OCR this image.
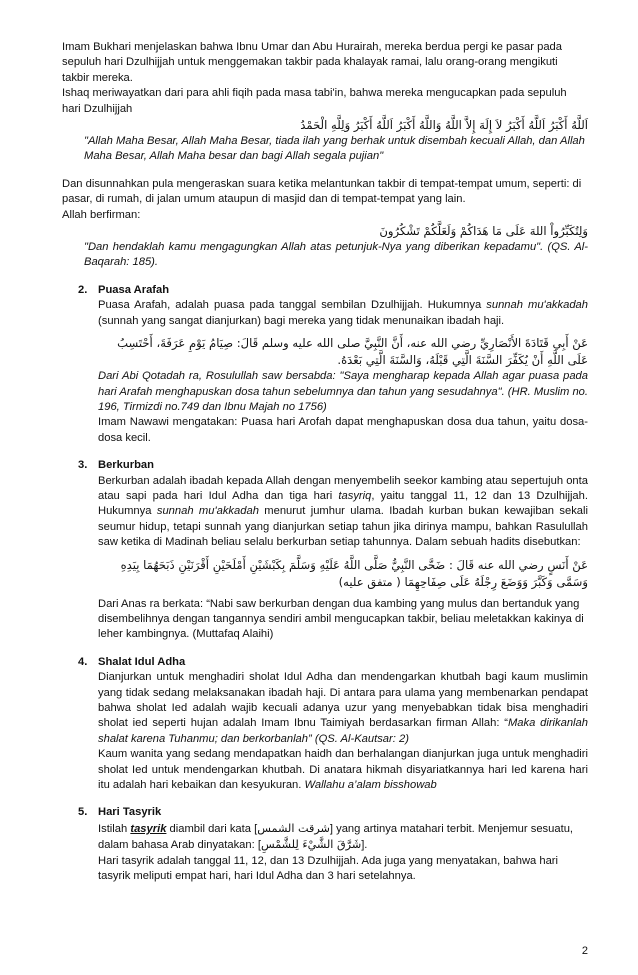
Imam Bukhari menjelaskan bahwa Ibnu Umar dan Abu Hurairah, mereka berdua pergi ke pasar pada sepuluh hari Dzulhijjah untuk menggemakan takbir pada khalayak ramai, lalu orang-orang mengikuti takbir mereka.

Ishaq meriwayatkan dari para ahli fiqih pada masa tabi'in, bahwa mereka mengucapkan pada sepuluh hari Dzulhijjah

اَللَّهُ أَكْبَرُ اَللَّهُ أَكْبَرُ لاَ إِلَهَ إِلاَّ اللَّهُ وَاللَّهُ أَكْبَرُ اَللَّهُ أَكْبَرُ وَلِلَّهِ الْحَمْدُ

"Allah Maha Besar, Allah Maha Besar, tiada ilah yang berhak untuk disembah kecuali Allah, dan Allah Maha Besar, Allah Maha besar dan bagi Allah segala pujian"

Dan disunnahkan pula mengeraskan suara ketika melantunkan takbir di tempat-tempat umum, seperti: di pasar, di rumah, di jalan umum ataupun di masjid dan di tempat-tempat yang lain.

Allah berfirman:

وَلِتُكَبِّرُواْ اللهَ عَلَى مَا هَدَاكُمْ وَلَعَلَّكُمْ تَشْكُرُونَ

"Dan hendaklah kamu mengagungkan Allah atas petunjuk-Nya yang diberikan kepadamu". (QS. Al-Baqarah: 185).

2. Puasa Arafah

Puasa Arafah, adalah puasa pada tanggal sembilan Dzulhijjah. Hukumnya sunnah mu'akkadah (sunnah yang sangat dianjurkan) bagi mereka yang tidak menunaikan ibadah haji.

عَنْ أَبِي قَتَادَةَ الأَنْصَارِيِّ رضي الله عنه، أَنَّ النَّبِيَّ صلى الله عليه وسلم قَالَ: صِيَامُ يَوْمِ عَرَفَةَ، أَحْتَسِبُ عَلَى اللَّهِ أَنْ يُكَفِّرَ السَّنَةَ الَّتِي قَبْلَهُ، وَالسَّنَةَ الَّتِي بَعْدَهُ.

Dari Abi Qotadah ra, Rosulullah saw bersabda: "Saya mengharap kepada Allah agar puasa pada hari Arafah menghapuskan dosa tahun sebelumnya dan tahun yang sesudahnya". (HR. Muslim no. 196, Tirmizdi no.749 dan Ibnu Majah no 1756)

Imam Nawawi mengatakan: Puasa hari Arofah dapat menghapuskan dosa dua tahun, yaitu dosa-dosa kecil.

3. Berkurban

Berkurban adalah ibadah kepada Allah dengan menyembelih seekor kambing atau sepertujuh onta atau sapi pada hari Idul Adha dan tiga hari tasyriq, yaitu tanggal 11, 12 dan 13 Dzulhijjah. Hukumnya sunnah mu'akkadah menurut jumhur ulama. Ibadah kurban bukan kewajiban sekali seumur hidup, tetapi sunnah yang dianjurkan setiap tahun jika dirinya mampu, bahkan Rasulullah saw ketika di Madinah beliau selalu berkurban setiap tahunnya. Dalam sebuah hadits disebutkan:

عَنْ أَنَسٍ رضي الله عنه قَالَ : ضَحَّى النَّبِيُّ صَلَّى اللَّهُ عَلَيْهِ وَسَلَّمَ بِكَبْشَيْنِ أَمْلَحَيْنِ أَقْرَنَيْنِ ذَبَحَهُمَا بِيَدِهِ وَسَمَّى وَكَبَّرَ وَوَضَعَ رِجْلَهُ عَلَى صِفَاحِهِمَا ( متفق عليه)

Dari Anas ra berkata: “Nabi saw berkurban dengan dua kambing yang mulus dan bertanduk yang disembelihnya dengan tangannya sendiri ambil mengucapkan takbir, beliau meletakkan kakinya di leher kambingnya. (Muttafaq Alaihi)

4. Shalat Idul Adha

Dianjurkan untuk menghadiri sholat Idul Adha dan mendengarkan khutbah bagi kaum muslimin yang tidak sedang melaksanakan ibadah haji. Di antara para ulama yang membenarkan pendapat bahwa sholat Ied adalah wajib kecuali adanya uzur yang menyebabkan tidak bisa menghadiri sholat ied seperti hujan adalah Imam Ibnu Taimiyah berdasarkan firman Allah: “Maka dirikanlah shalat karena Tuhanmu; dan berkorbanlah” (QS. Al-Kautsar: 2)

Kaum wanita yang sedang mendapatkan haidh dan berhalangan dianjurkan juga untuk menghadiri sholat Ied untuk mendengarkan khutbah. Di anatara hikmah disyariatkannya hari Ied karena hari itu adalah hari kebaikan dan kesyukuran. Wallahu a’alam bisshowab

5. Hari Tasyrik

Istilah tasyrik diambil dari kata [شرقت الشمس] yang artinya matahari terbit. Menjemur sesuatu, dalam bahasa Arab dinyatakan: [شَرَّقَ الشَّيْءَ لِلشَّمْسِ].

Hari tasyrik adalah tanggal 11, 12, dan 13 Dzulhijjah. Ada juga yang menyatakan, bahwa hari tasyrik meliputi empat hari, hari Idul Adha dan 3 hari setelahnya.

2
